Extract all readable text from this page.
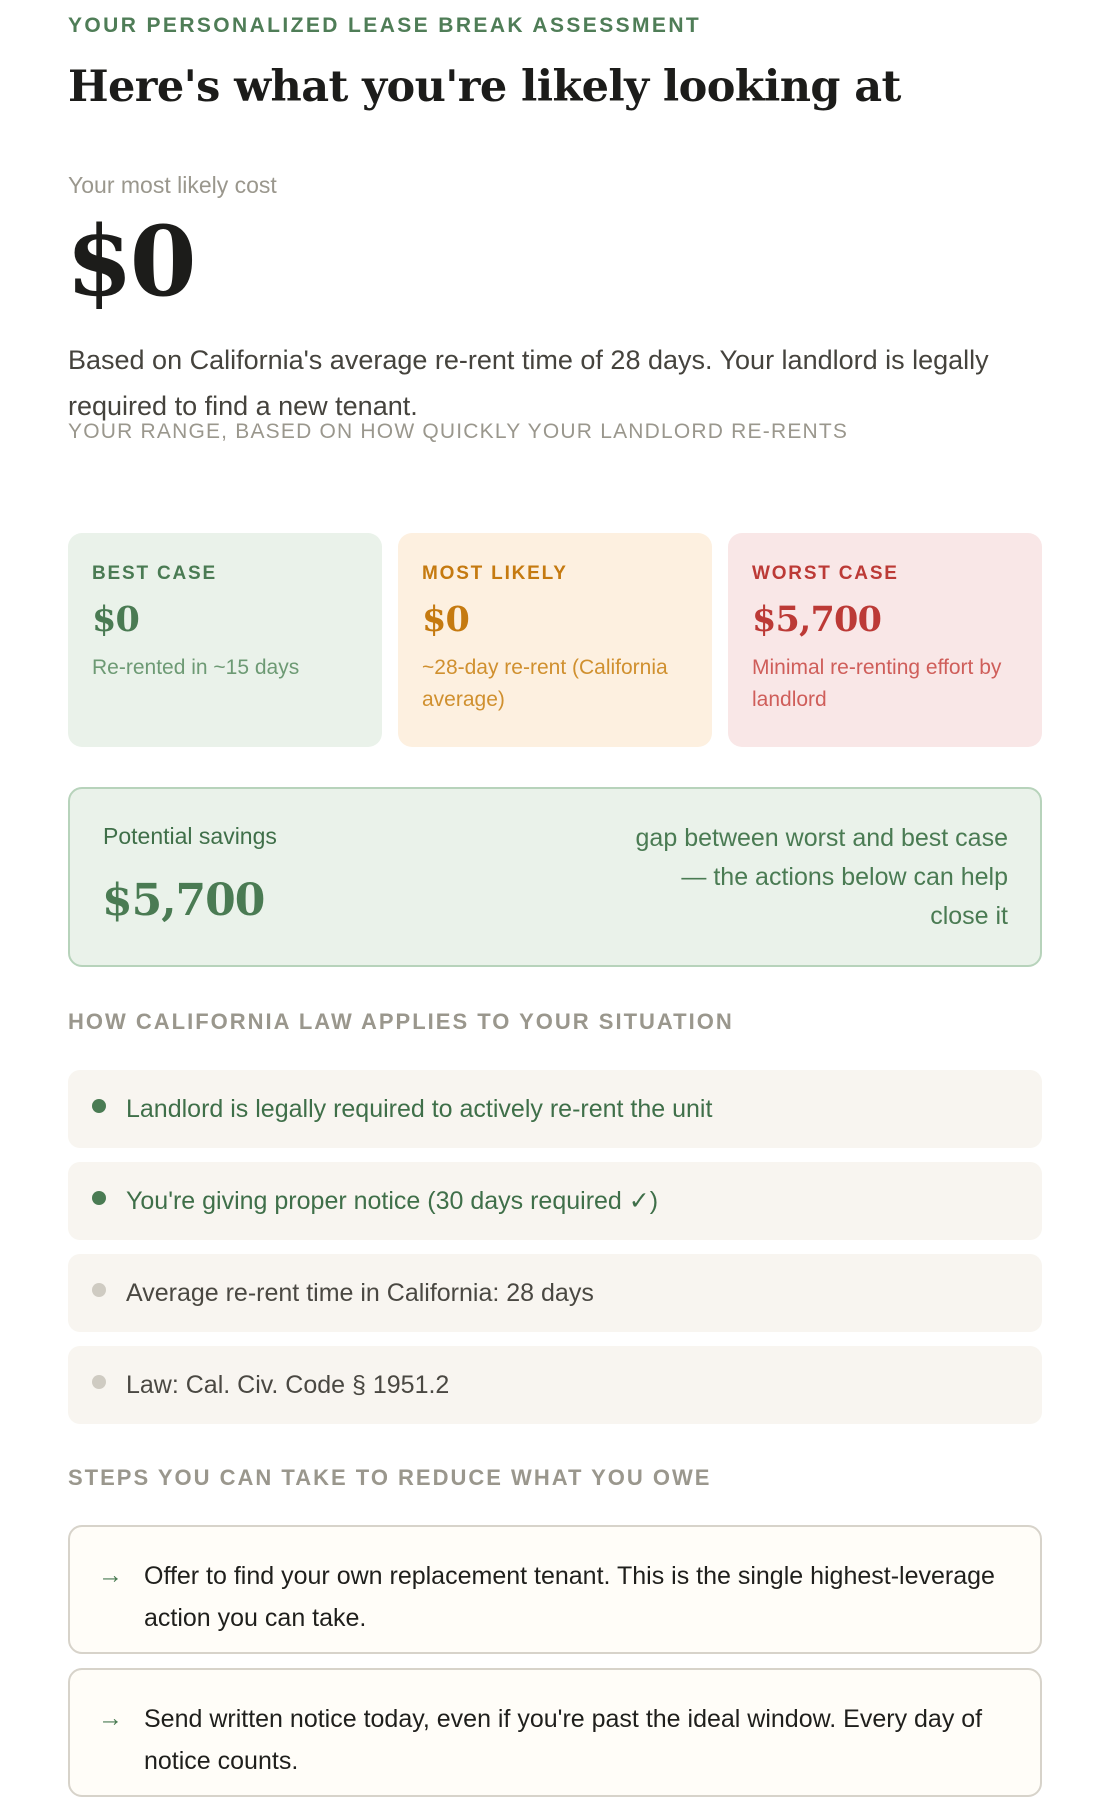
YOUR PERSONALIZED LEASE BREAK ASSESSMENT
Here's what you're likely looking at
Your most likely cost
$0

Based on California's average re-rent time of 28 days. Your landlord is legally required to find a new tenant.

YOUR RANGE, BASED ON HOW QUICKLY YOUR LANDLORD RE-RENTS
BEST CASE
$0
Re-rented in ~15 days
MOST LIKELY
$0
~28-day re-rent (California average)
WORST CASE
$5,700
Minimal re-renting effort by landlord
Potential savings
$5,700
gap between worst and best case — the actions below can help close it
HOW CALIFORNIA LAW APPLIES TO YOUR SITUATION
Landlord is legally required to actively re-rent the unit
You're giving proper notice (30 days required ✓)
Average re-rent time in California: 28 days
Law: Cal. Civ. Code § 1951.2
STEPS YOU CAN TAKE TO REDUCE WHAT YOU OWE
→ Offer to find your own replacement tenant. This is the single highest-leverage action you can take.
→ Send written notice today, even if you're past the ideal window. Every day of notice counts.
